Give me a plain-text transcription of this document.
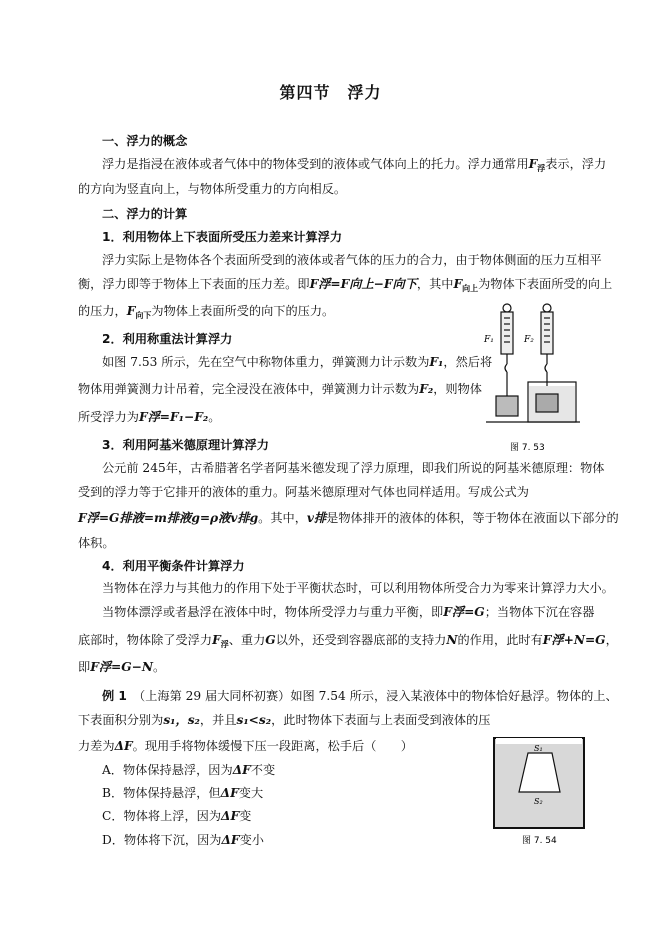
第四节　浮力
一、浮力的概念
浮力是指浸在液体或者气体中的物体受到的液体或气体向上的托力。浮力通常用$F_浮$表示，浮力
的方向为竖直向上，与物体所受重力的方向相反。
二、浮力的计算
1．利用物体上下表面所受压力差来计算浮力
浮力实际上是物体各个表面所受到的液体或者气体的压力的合力，由于物体侧面的压力互相平
衡，浮力即等于物体上下表面的压力差。即F浮=F向上−F向下，其中$F_{向上}$为物体下表面所受的向上
的压力，$F_{向下}$为物体上表面所受的向下的压力。
2．利用称重法计算浮力
如图 7.53 所示，先在空气中称物体重力，弹簧测力计示数为F₁，然后将
物体用弹簧测力计吊着，完全浸没在液体中，弹簧测力计示数为F₂，则物体
所受浮力为F浮=F₁−F₂。
F₁	F₂
图 7. 53
3．利用阿基米德原理计算浮力
公元前 245年，古希腊著名学者阿基米德发现了浮力原理，即我们所说的阿基米德原理：物体
受到的浮力等于它排开的液体的重力。阿基米德原理对气体也同样适用。写成公式为
F浮=G排液=m排液g=ρ液v排g。其中，v排是物体排开的液体的体积，等于物体在液面以下部分的
体积。
4．利用平衡条件计算浮力
当物体在浮力与其他力的作用下处于平衡状态时，可以利用物体所受合力为零来计算浮力大小。
当物体漂浮或者悬浮在液体中时，物体所受浮力与重力平衡，即F浮=G；当物体下沉在容器
底部时，物体除了受浮力$F_浮$、重力G以外，还受到容器底部的支持力N的作用，此时有F浮+N=G，
即F浮=G−N。
例 1　 （上海第 29 届大同杯初赛）如图 7.54 所示，浸入某液体中的物体恰好悬浮。物体的上、
下表面积分别为s₁，s₂，并且s₁<s₂，此时物体下表面与上表面受到液体的压
力差为ΔF。现用手将物体缓慢下压一段距离，松手后（　　）
A．物体保持悬浮，因为ΔF不变
B．物体保持悬浮，但ΔF变大
C．物体将上浮，因为ΔF变
D．物体将下沉，因为ΔF变小
S₁
S₂
图 7. 54
